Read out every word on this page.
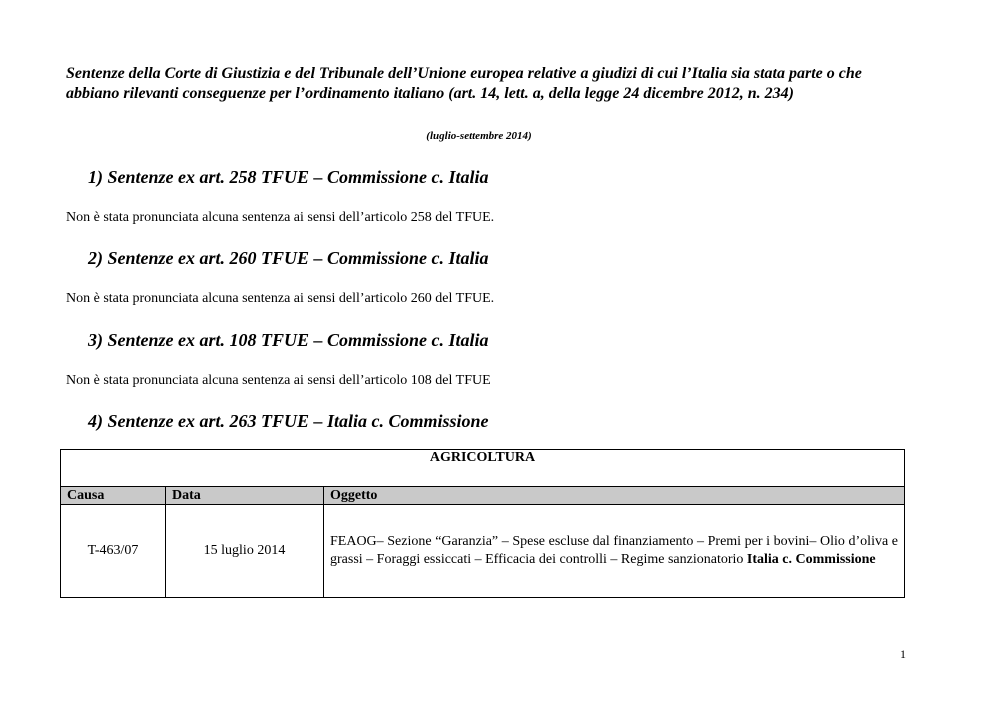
Sentenze della Corte di Giustizia e del Tribunale dell’Unione europea relative a giudizi di cui l’Italia sia stata parte o che abbiano rilevanti conseguenze per l’ordinamento italiano (art. 14, lett. a, della legge 24 dicembre 2012, n. 234)

(luglio-settembre 2014)

1) Sentenze ex art. 258 TFUE – Commissione c. Italia

Non è stata pronunciata alcuna sentenza ai sensi dell’articolo 258 del TFUE.

2) Sentenze ex art. 260 TFUE – Commissione c. Italia

Non è stata pronunciata alcuna sentenza ai sensi dell’articolo 260 del TFUE.

3) Sentenze ex art. 108 TFUE – Commissione c. Italia

Non è stata pronunciata alcuna sentenza ai sensi dell’articolo 108 del TFUE

4) Sentenze ex art. 263 TFUE – Italia c. Commissione
AGRICOLTURA		
Causa	Data	Oggetto
T-463/07	15 luglio 2014	FEAOG– Sezione “Garanzia” – Spese escluse dal finanziamento – Premi per i bovini– Olio d’oliva e grassi – Foraggi essiccati – Efficacia dei controlli – Regime sanzionatorio Italia c. Commissione

1
